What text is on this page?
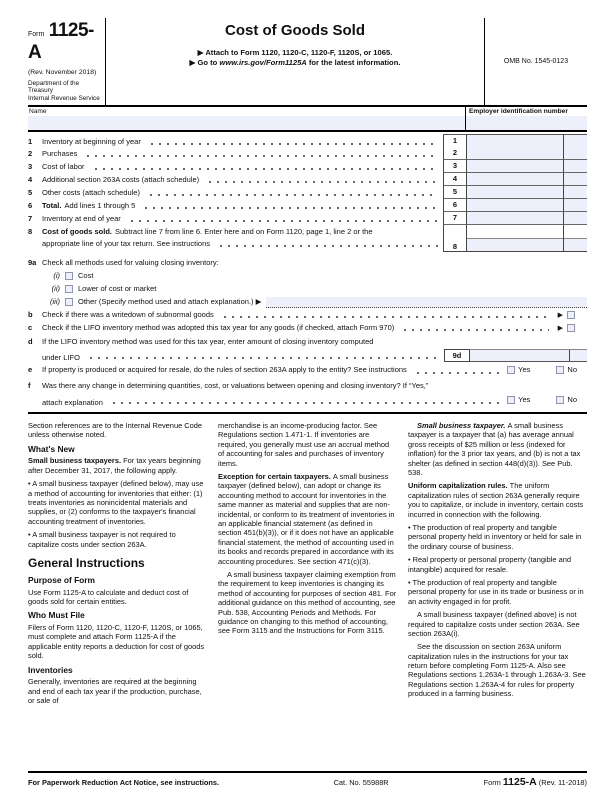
Form 1125-A
(Rev. November 2018)
Department of the Treasury
Internal Revenue Service
Cost of Goods Sold
▶ Attach to Form 1120, 1120-C, 1120-F, 1120S, or 1065.
▶ Go to www.irs.gov/Form1125A for the latest information.	OMB No. 1545-0123
Name	Employer identification number
1	Inventory at beginning of year	1
2	Purchases	2
3	Cost of labor	3
4	Additional section 263A costs (attach schedule)	4
5	Other costs (attach schedule)	5
6	Total. Add lines 1 through 5	6
7	Inventory at end of year	7
8	Cost of goods sold. Subtract line 7 from line 6. Enter here and on Form 1120, page 1, line 2 or the
appropriate line of your tax return. See instructions	8
9a Check all methods used for valuing closing inventory:
(i) Cost
(ii) Lower of cost or market
(iii) Other (Specify method used and attach explanation.) ▶
b	Check if there was a writedown of subnormal goods	▶
c	Check if the LIFO inventory method was adopted this tax year for any goods (if checked, attach Form 970)	▶
d	If the LIFO inventory method was used for this tax year, enter amount of closing inventory computed
under LIFO	9d
e	If property is produced or acquired for resale, do the rules of section 263A apply to the entity? See instructions	Yes	No
f	Was there any change in determining quantities, cost, or valuations between opening and closing inventory? If “Yes,”
attach explanation	Yes	No

Section references are to the Internal Revenue Code unless otherwise noted.

What's New

Small business taxpayers. For tax years beginning after December 31, 2017, the following apply.

• A small business taxpayer (defined below), may use a method of accounting for inventories that either: (1) treats inventories as nonincidental materials and supplies, or (2) conforms to the taxpayer's financial accounting treatment of inventories.

• A small business taxpayer is not required to capitalize costs under section 263A.

General Instructions
Purpose of Form

Use Form 1125-A to calculate and deduct cost of goods sold for certain entities.

Who Must File

Filers of Form 1120, 1120-C, 1120-F, 1120S, or 1065, must complete and attach Form 1125-A if the applicable entity reports a deduction for cost of goods sold.

Inventories

Generally, inventories are required at the beginning and end of each tax year if the production, purchase, or sale of

merchandise is an income-producing factor. See Regulations section 1.471-1. If inventories are required, you generally must use an accrual method of accounting for sales and purchases of inventory items.

Exception for certain taxpayers. A small business taxpayer (defined below), can adopt or change its accounting method to account for inventories in the same manner as material and supplies that are non-incidental, or conform to its treatment of inventories in an applicable financial statement (as defined in section 451(b)(3)), or if it does not have an applicable financial statement, the method of accounting used in its books and records prepared in accordance with its accounting procedures. See section 471(c)(3).

A small business taxpayer claiming exemption from the requirement to keep inventories is changing its method of accounting for purposes of section 481. For additional guidance on this method of accounting, see Pub. 538, Accounting Periods and Methods. For guidance on changing to this method of accounting, see Form 3115 and the Instructions for Form 3115.

Small business taxpayer. A small business taxpayer is a taxpayer that (a) has average annual gross receipts of $25 million or less (indexed for inflation) for the 3 prior tax years, and (b) is not a tax shelter (as defined in section 448(d)(3)). See Pub. 538.

Uniform capitalization rules. The uniform capitalization rules of section 263A generally require you to capitalize, or include in inventory, certain costs incurred in connection with the following.

• The production of real property and tangible personal property held in inventory or held for sale in the ordinary course of business.

• Real property or personal property (tangible and intangible) acquired for resale.

• The production of real property and tangible personal property for use in its trade or business or in an activity engaged in for profit.

A small business taxpayer (defined above) is not required to capitalize costs under section 263A. See section 263A(i).

See the discussion on section 263A uniform capitalization rules in the instructions for your tax return before completing Form 1125-A. Also see Regulations sections 1.263A-1 through 1.263A-3. See Regulations section 1.263A-4 for rules for property produced in a farming business.

For Paperwork Reduction Act Notice, see instructions.	Cat. No. 55988R	Form 1125-A (Rev. 11-2018)
